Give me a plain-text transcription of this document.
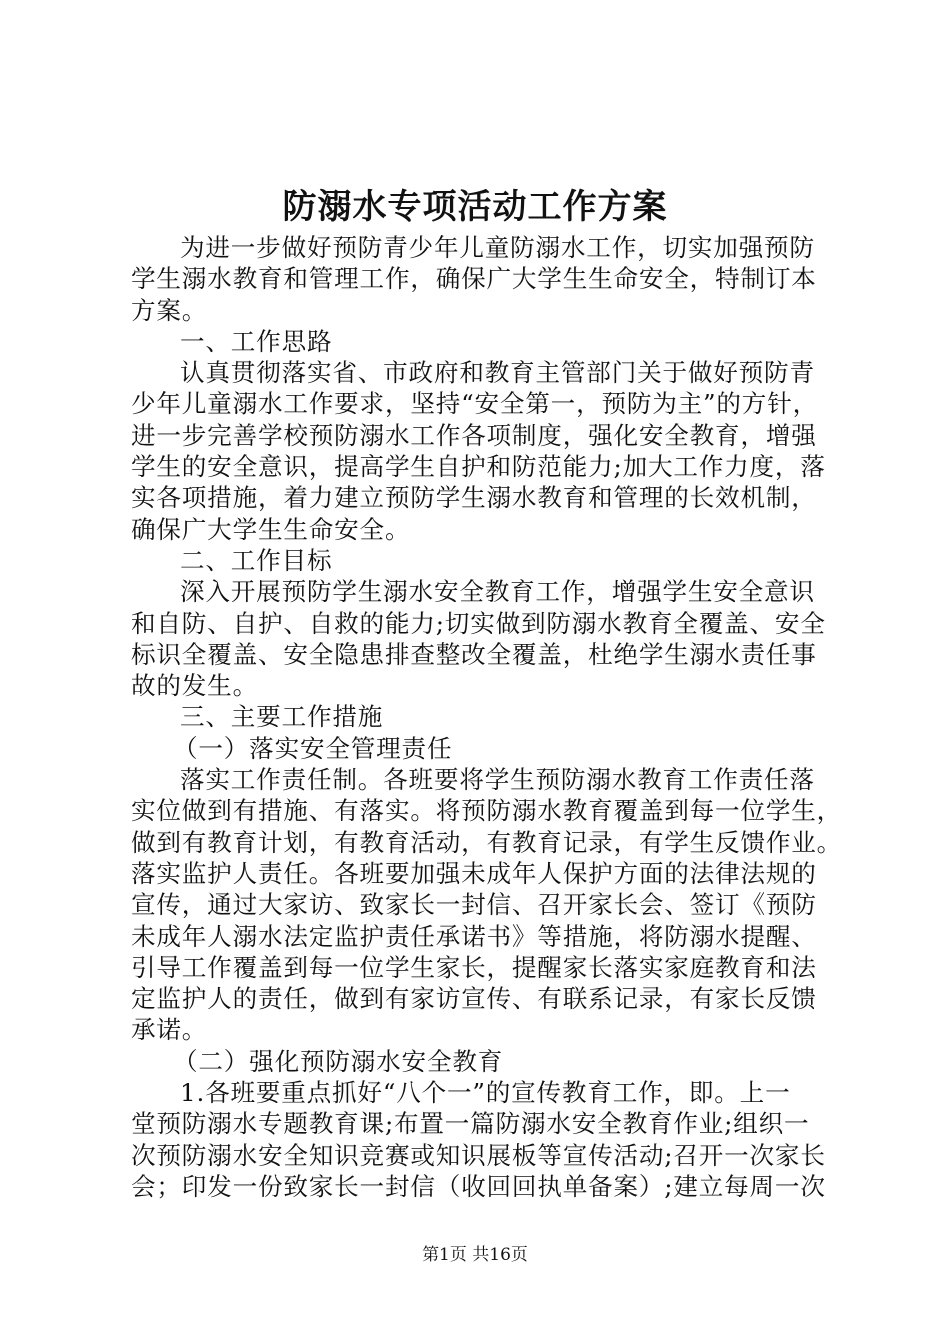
防溺水专项活动工作方案
为进一步做好预防青少年儿童防溺水工作，切实加强预防
学生溺水教育和管理工作，确保广大学生生命安全，特制订本
方案。
一、工作思路
认真贯彻落实省、市政府和教育主管部门关于做好预防青
少年儿童溺水工作要求，坚持“安全第一，预防为主”的方针，
进一步完善学校预防溺水工作各项制度，强化安全教育，增强
学生的安全意识，提高学生自护和防范能力;加大工作力度，落
实各项措施，着力建立预防学生溺水教育和管理的长效机制，
确保广大学生生命安全。
二、工作目标
深入开展预防学生溺水安全教育工作，增强学生安全意识
和自防、自护、自救的能力;切实做到防溺水教育全覆盖、安全
标识全覆盖、安全隐患排查整改全覆盖，杜绝学生溺水责任事
故的发生。
三、主要工作措施
（一）落实安全管理责任
落实工作责任制。各班要将学生预防溺水教育工作责任落
实位做到有措施、有落实。将预防溺水教育覆盖到每一位学生，
做到有教育计划，有教育活动，有教育记录，有学生反馈作业。
落实监护人责任。各班要加强未成年人保护方面的法律法规的
宣传，通过大家访、致家长一封信、召开家长会、签订《预防
未成年人溺水法定监护责任承诺书》等措施，将防溺水提醒、
引导工作覆盖到每一位学生家长，提醒家长落实家庭教育和法
定监护人的责任，做到有家访宣传、有联系记录，有家长反馈
承诺。
（二）强化预防溺水安全教育
1.各班要重点抓好“八个一”的宣传教育工作，即。上一
堂预防溺水专题教育课;布置一篇防溺水安全教育作业;组织一
次预防溺水安全知识竞赛或知识展板等宣传活动;召开一次家长
会；印发一份致家长一封信（收回回执单备案）;建立每周一次
第1页 共16页
